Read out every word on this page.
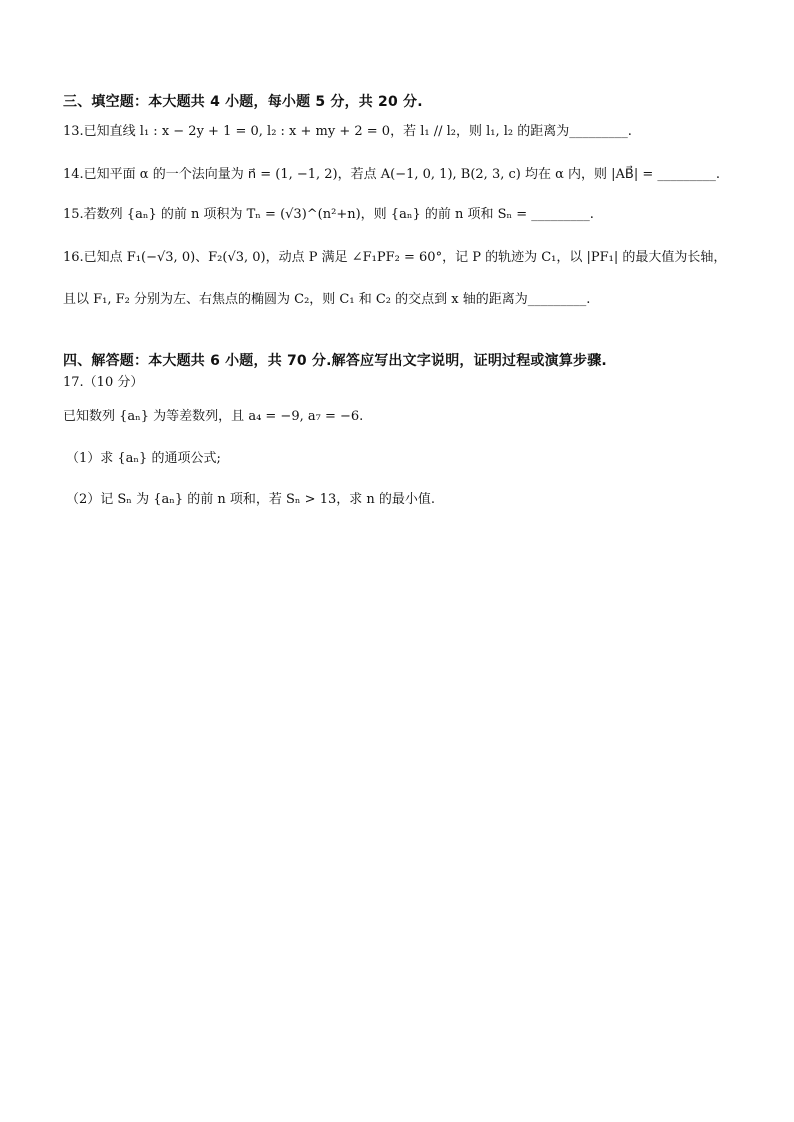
三、填空题：本大题共 4 小题，每小题 5 分，共 20 分.
13.已知直线 l₁ : x − 2y + 1 = 0, l₂ : x + my + 2 = 0，若 l₁ // l₂，则 l₁, l₂ 的距离为_________.
14.已知平面 α 的一个法向量为 n⃗ = (1, −1, 2)，若点 A(−1, 0, 1), B(2, 3, c) 均在 α 内，则 |AB⃗| = _________.
15.若数列 {aₙ} 的前 n 项积为 Tₙ = (√3)^(n²+n)，则 {aₙ} 的前 n 项和 Sₙ = _________.
16.已知点 F₁(−√3, 0)、F₂(√3, 0)，动点 P 满足 ∠F₁PF₂ = 60°，记 P 的轨迹为 C₁，以 |PF₁| 的最大值为长轴，
且以 F₁, F₂ 分别为左、右焦点的椭圆为 C₂，则 C₁ 和 C₂ 的交点到 x 轴的距离为_________.
四、解答题：本大题共 6 小题，共 70 分.解答应写出文字说明，证明过程或演算步骤.
17.（10 分）
已知数列 {aₙ} 为等差数列，且 a₄ = −9, a₇ = −6.
（1）求 {aₙ} 的通项公式;
（2）记 Sₙ 为 {aₙ} 的前 n 项和，若 Sₙ > 13，求 n 的最小值.
